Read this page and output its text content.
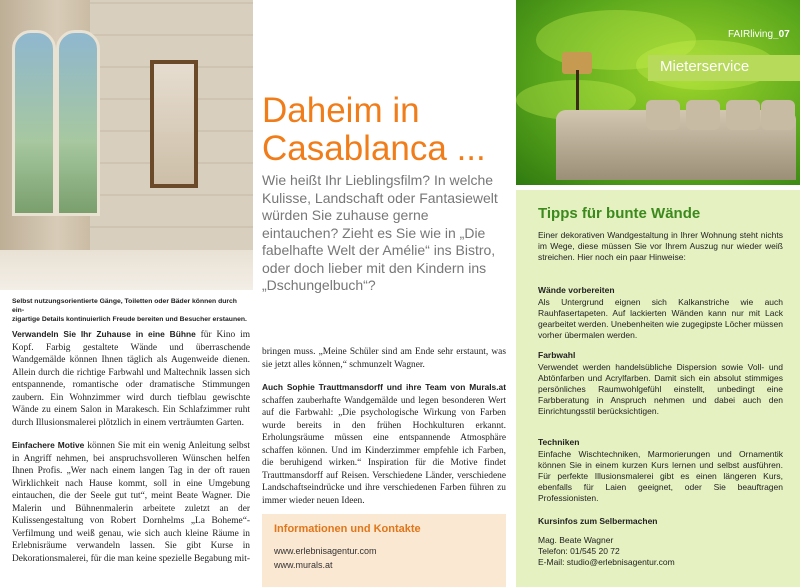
Selbst nutzungsorientierte Gänge, Toiletten oder Bäder können durch ein-
zigartige Details kontinuierlich Freude bereiten und Besucher erstaunen.

Verwandeln Sie Ihr Zuhause in eine Bühne für Kino im Kopf. Farbig gestaltete Wände und überraschende Wandgemälde können Ihnen täglich als Augenweide dienen. Allein durch die richtige Farbwahl und Maltechnik lassen sich entspannende, romantische oder dramatische Stimmungen zaubern. Ein Wohnzimmer wird durch tiefblau gewischte Wände zu einem Salon in Marakesch. Ein Schlafzimmer ruht durch Illusionsmalerei plötzlich in einem verträumten Garten.

Einfachere Motive können Sie mit ein wenig Anleitung selbst in Angriff nehmen, bei anspruchsvolleren Wünschen helfen Ihnen Profis. „Wer nach einem langen Tag in der oft rauen Wirklichkeit nach Hause kommt, soll in eine Umgebung eintauchen, die der Seele gut tut“, meint Beate Wagner. Die Malerin und Bühnenmalerin arbeitete zuletzt an der Kulissengestaltung von Robert Dornhelms „La Boheme“-Verfilmung und weiß genau, wie sich auch kleine Räume in Erlebnisräume verwandeln lassen. Sie gibt Kurse in Dekorationsmalerei, für die man keine spezielle Begabung mit-

Daheim in
Casablanca ...
Wie heißt Ihr Lieblingsfilm? In welche Kulisse, Landschaft oder Fantasiewelt würden Sie zuhause gerne eintauchen? Zieht es Sie wie in „Die fabelhafte Welt der Amélie“ ins Bistro, oder doch lieber mit den Kindern ins „Dschungelbuch“?

bringen muss. „Meine Schüler sind am Ende sehr erstaunt, was sie jetzt alles können,“ schmunzelt Wagner.

Auch Sophie Trauttmansdorff und ihre Team von Murals.at schaffen zauberhafte Wandgemälde und legen besonderen Wert auf die Farbwahl: „Die psychologische Wirkung von Farben wurde bereits in den frühen Hochkulturen erkannt. Erholungsräume müssen eine entspannende Atmosphäre schaffen können. Und im Kinderzimmer empfehle ich Farben, die beruhigend wirken.“ Inspiration für die Motive findet Trauttmansdorff auf Reisen. Verschiedene Länder, verschiedene Landschaftseindrücke und ihre verschiedenen Farben führen zu immer wieder neuen Ideen.

Informationen und Kontakte
www.erlebnisagentur.com
www.murals.at
FAIRliving_07
Mieterservice
Tipps für bunte Wände
Einer dekorativen Wandgestaltung in Ihrer Wohnung steht nichts im Wege, diese müssen Sie vor Ihrem Auszug nur wieder weiß streichen. Hier noch ein paar Hinweise:
Wände vorbereiten
Als Untergrund eignen sich Kalkanstriche wie auch Rauhfasertapeten. Auf lackierten Wänden kann nur mit Lack gearbeitet werden. Unebenheiten wie zugegipste Löcher müssen vorher übermalen werden.
Farbwahl
Verwendet werden handelsübliche Dispersion sowie Voll- und Abtönfarben und Acrylfarben. Damit sich ein absolut stimmiges persönliches Raumwohlgefühl einstellt, unbedingt eine Farbberatung in Anspruch nehmen und dabei auch den Einrichtungsstil berücksichtigen.
Techniken
Einfache Wischtechniken, Marmorierungen und Ornamentik können Sie in einem kurzen Kurs lernen und selbst ausführen. Für perfekte Illusionsmalerei gibt es einen längeren Kurs, ebenfalls für Laien geeignet, oder Sie beauftragen Professionisten.
Kursinfos zum Selbermachen
Mag. Beate Wagner
Telefon: 01/545 20 72
E-Mail: studio@erlebnisagentur.com
